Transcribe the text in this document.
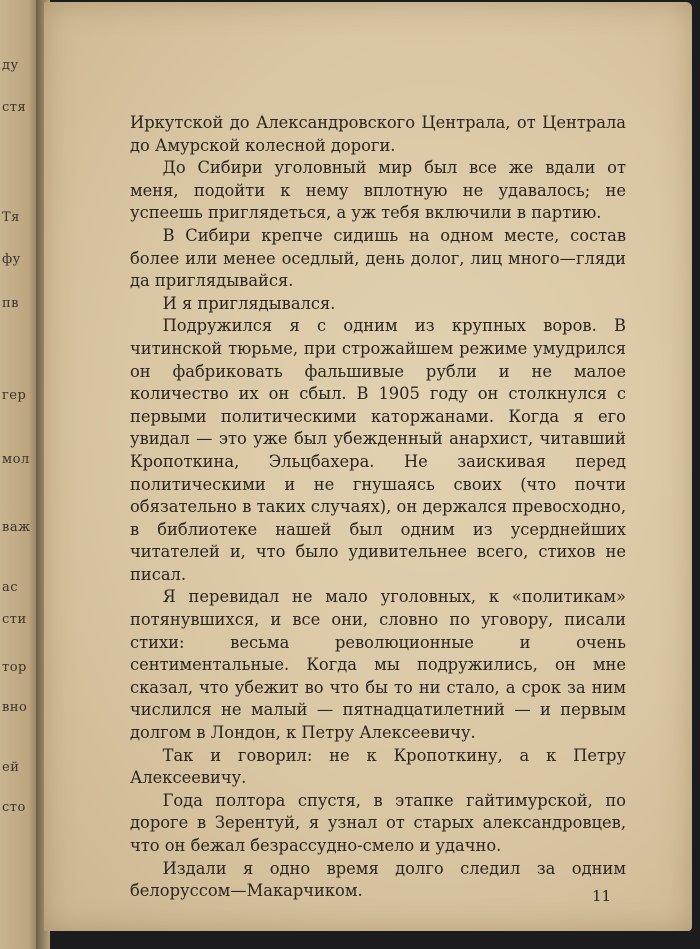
ду
стя
Тя
фу
пв
гер
мол
важ
ас
сти
тор
вно
ей
сто

Иркутской до Александровского Централа, от Централа до Амурской колесной дороги.

До Сибири уголовный мир был все же вдали от меня, подойти к нему вплотную не удавалось; не успеешь приглядеться, а уж тебя включили в партию.

В Сибири крепче сидишь на одном месте, состав более или менее оседлый, день долог, лиц много—гляди да приглядывайся.

И я приглядывался.

Подружился я с одним из крупных воров. В читинской тюрьме, при строжайшем режиме умудрился он фабриковать фальшивые рубли и не малое количество их он сбыл. В 1905 году он столкнулся с первыми политическими каторжанами. Когда я его увидал — это уже был убежденный анархист, читавший Кропоткина, Эльцбахера. Не заискивая перед политическими и не гнушаясь своих (что почти обязательно в таких случаях), он держался превосходно, в библиотеке нашей был одним из усерднейших читателей и, что было удивительнее всего, стихов не писал.

Я перевидал не мало уголовных, к «политикам» потянувшихся, и все они, словно по уговору, писали стихи: весьма революционные и очень сентиментальные. Когда мы подружились, он мне сказал, что убежит во что бы то ни стало, а срок за ним числился не малый — пятнадцатилетний — и первым долгом в Лондон, к Петру Алексеевичу.

Так и говорил: не к Кропоткину, а к Петру Алексеевичу.

Года полтора спустя, в этапке гайтимурской, по дороге в Зерентуй, я узнал от старых александровцев, что он бежал безрассудно-смело и удачно.

Издали я одно время долго следил за одним белоруссом—Макарчиком.	11
